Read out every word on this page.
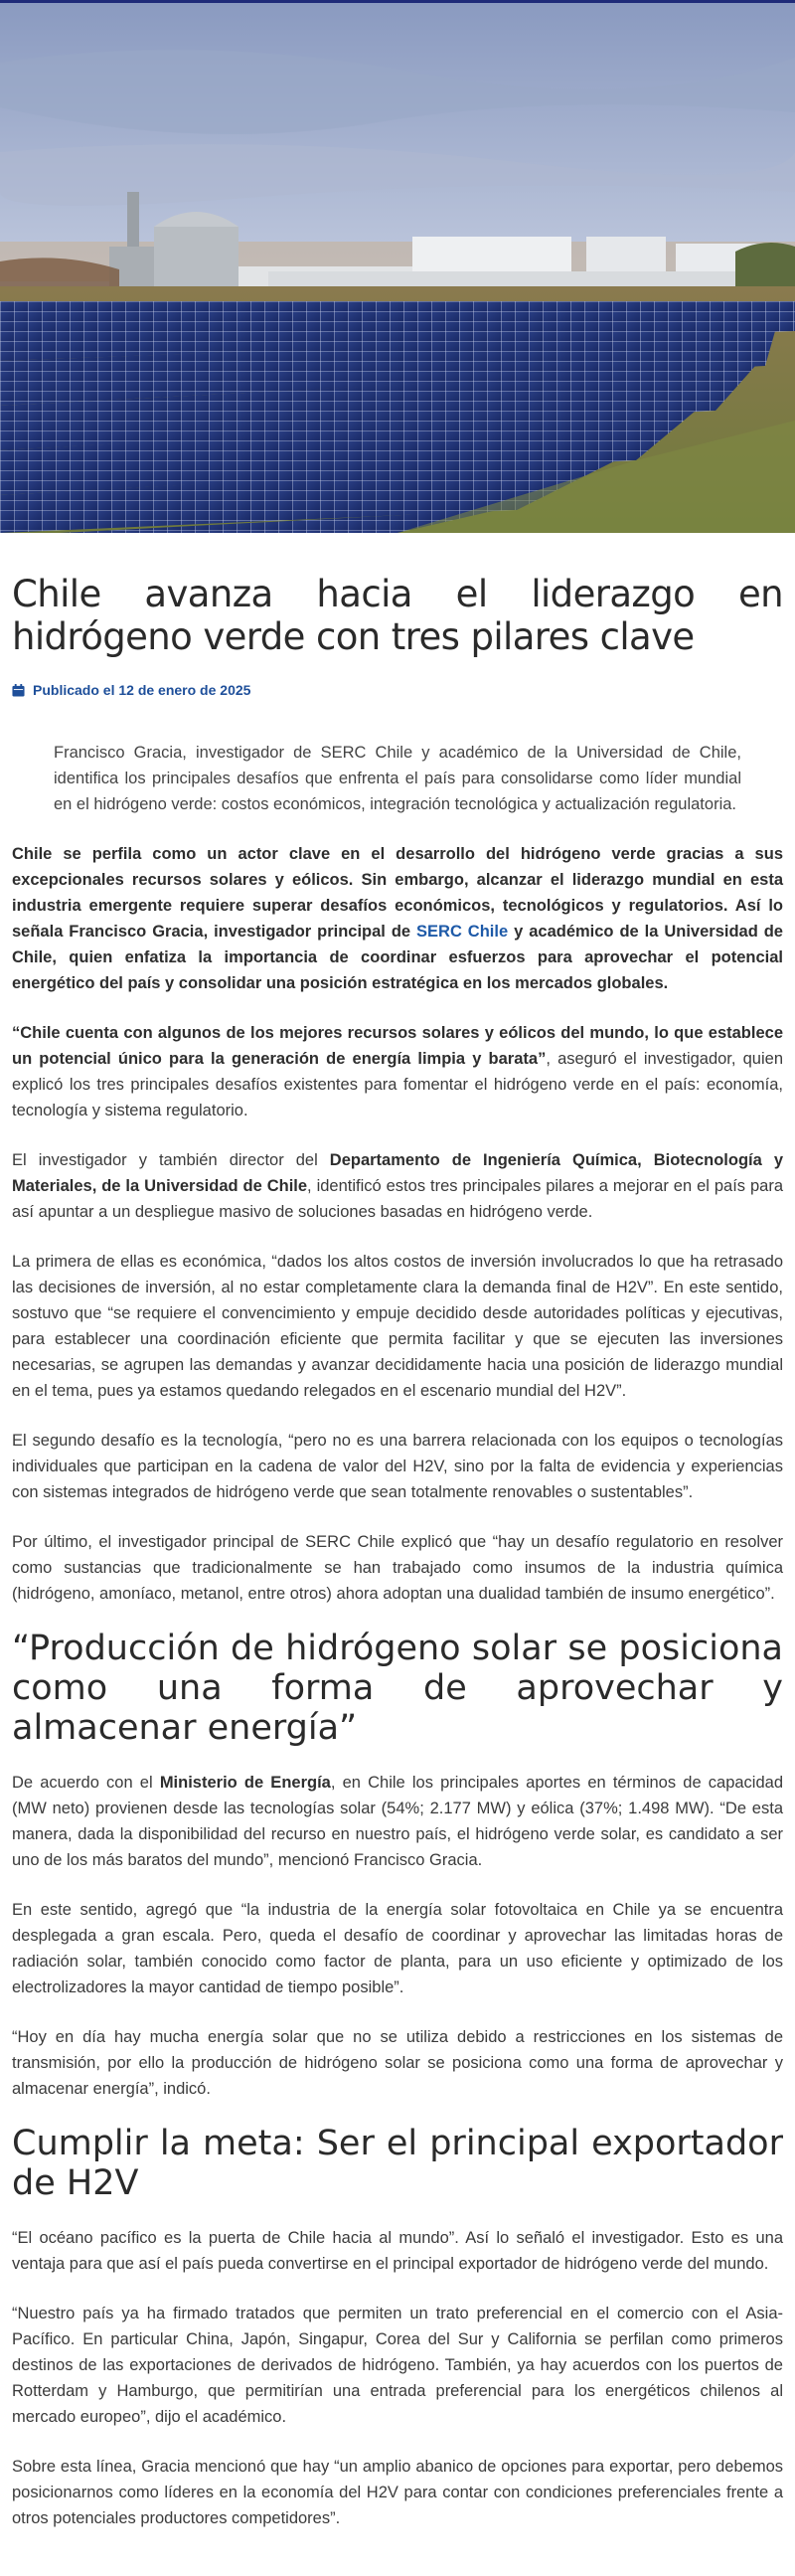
Chile avanza hacia el liderazgo en hidrógeno verde con tres pilares clave
Publicado el 12 de enero de 2025

Francisco Gracia, investigador de SERC Chile y académico de la Universidad de Chile, identifica los principales desafíos que enfrenta el país para consolidarse como líder mundial en el hidrógeno verde: costos económicos, integración tecnológica y actualización regulatoria.

Chile se perfila como un actor clave en el desarrollo del hidrógeno verde gracias a sus excepcionales recursos solares y eólicos. Sin embargo, alcanzar el liderazgo mundial en esta industria emergente requiere superar desafíos económicos, tecnológicos y regulatorios. Así lo señala Francisco Gracia, investigador principal de SERC Chile y académico de la Universidad de Chile, quien enfatiza la importancia de coordinar esfuerzos para aprovechar el potencial energético del país y consolidar una posición estratégica en los mercados globales.

“Chile cuenta con algunos de los mejores recursos solares y eólicos del mundo, lo que establece un potencial único para la generación de energía limpia y barata”, aseguró el investigador, quien explicó los tres principales desafíos existentes para fomentar el hidrógeno verde en el país: economía, tecnología y sistema regulatorio.

El investigador y también director del Departamento de Ingeniería Química, Biotecnología y Materiales, de la Universidad de Chile, identificó estos tres principales pilares a mejorar en el país para así apuntar a un despliegue masivo de soluciones basadas en hidrógeno verde.

La primera de ellas es económica, “dados los altos costos de inversión involucrados lo que ha retrasado las decisiones de inversión, al no estar completamente clara la demanda final de H2V”. En este sentido, sostuvo que “se requiere el convencimiento y empuje decidido desde autoridades políticas y ejecutivas, para establecer una coordinación eficiente que permita facilitar y que se ejecuten las inversiones necesarias, se agrupen las demandas y avanzar decididamente hacia una posición de liderazgo mundial en el tema, pues ya estamos quedando relegados en el escenario mundial del H2V”.

El segundo desafío es la tecnología, “pero no es una barrera relacionada con los equipos o tecnologías individuales que participan en la cadena de valor del H2V, sino por la falta de evidencia y experiencias con sistemas integrados de hidrógeno verde que sean totalmente renovables o sustentables”.

Por último, el investigador principal de SERC Chile explicó que “hay un desafío regulatorio en resolver como sustancias que tradicionalmente se han trabajado como insumos de la industria química (hidrógeno, amoníaco, metanol, entre otros) ahora adoptan una dualidad también de insumo energético”.

“Producción de hidrógeno solar se posiciona como una forma de aprovechar y almacenar energía”

De acuerdo con el Ministerio de Energía, en Chile los principales aportes en términos de capacidad (MW neto) provienen desde las tecnologías solar (54%; 2.177 MW) y eólica (37%; 1.498 MW). “De esta manera, dada la disponibilidad del recurso en nuestro país, el hidrógeno verde solar, es candidato a ser uno de los más baratos del mundo”, mencionó Francisco Gracia.

En este sentido, agregó que “la industria de la energía solar fotovoltaica en Chile ya se encuentra desplegada a gran escala. Pero, queda el desafío de coordinar y aprovechar las limitadas horas de radiación solar, también conocido como factor de planta, para un uso eficiente y optimizado de los electrolizadores la mayor cantidad de tiempo posible”.

“Hoy en día hay mucha energía solar que no se utiliza debido a restricciones en los sistemas de transmisión, por ello la producción de hidrógeno solar se posiciona como una forma de aprovechar y almacenar energía”, indicó.

Cumplir la meta: Ser el principal exportador de H2V

“El océano pacífico es la puerta de Chile hacia al mundo”. Así lo señaló el investigador. Esto es una ventaja para que así el país pueda convertirse en el principal exportador de hidrógeno verde del mundo.

“Nuestro país ya ha firmado tratados que permiten un trato preferencial en el comercio con el Asia-Pacífico. En particular China, Japón, Singapur, Corea del Sur y California se perfilan como primeros destinos de las exportaciones de derivados de hidrógeno. También, ya hay acuerdos con los puertos de Rotterdam y Hamburgo, que permitirían una entrada preferencial para los energéticos chilenos al mercado europeo”, dijo el académico.

Sobre esta línea, Gracia mencionó que hay “un amplio abanico de opciones para exportar, pero debemos posicionarnos como líderes en la economía del H2V para contar con condiciones preferenciales frente a otros potenciales productores competidores”.
